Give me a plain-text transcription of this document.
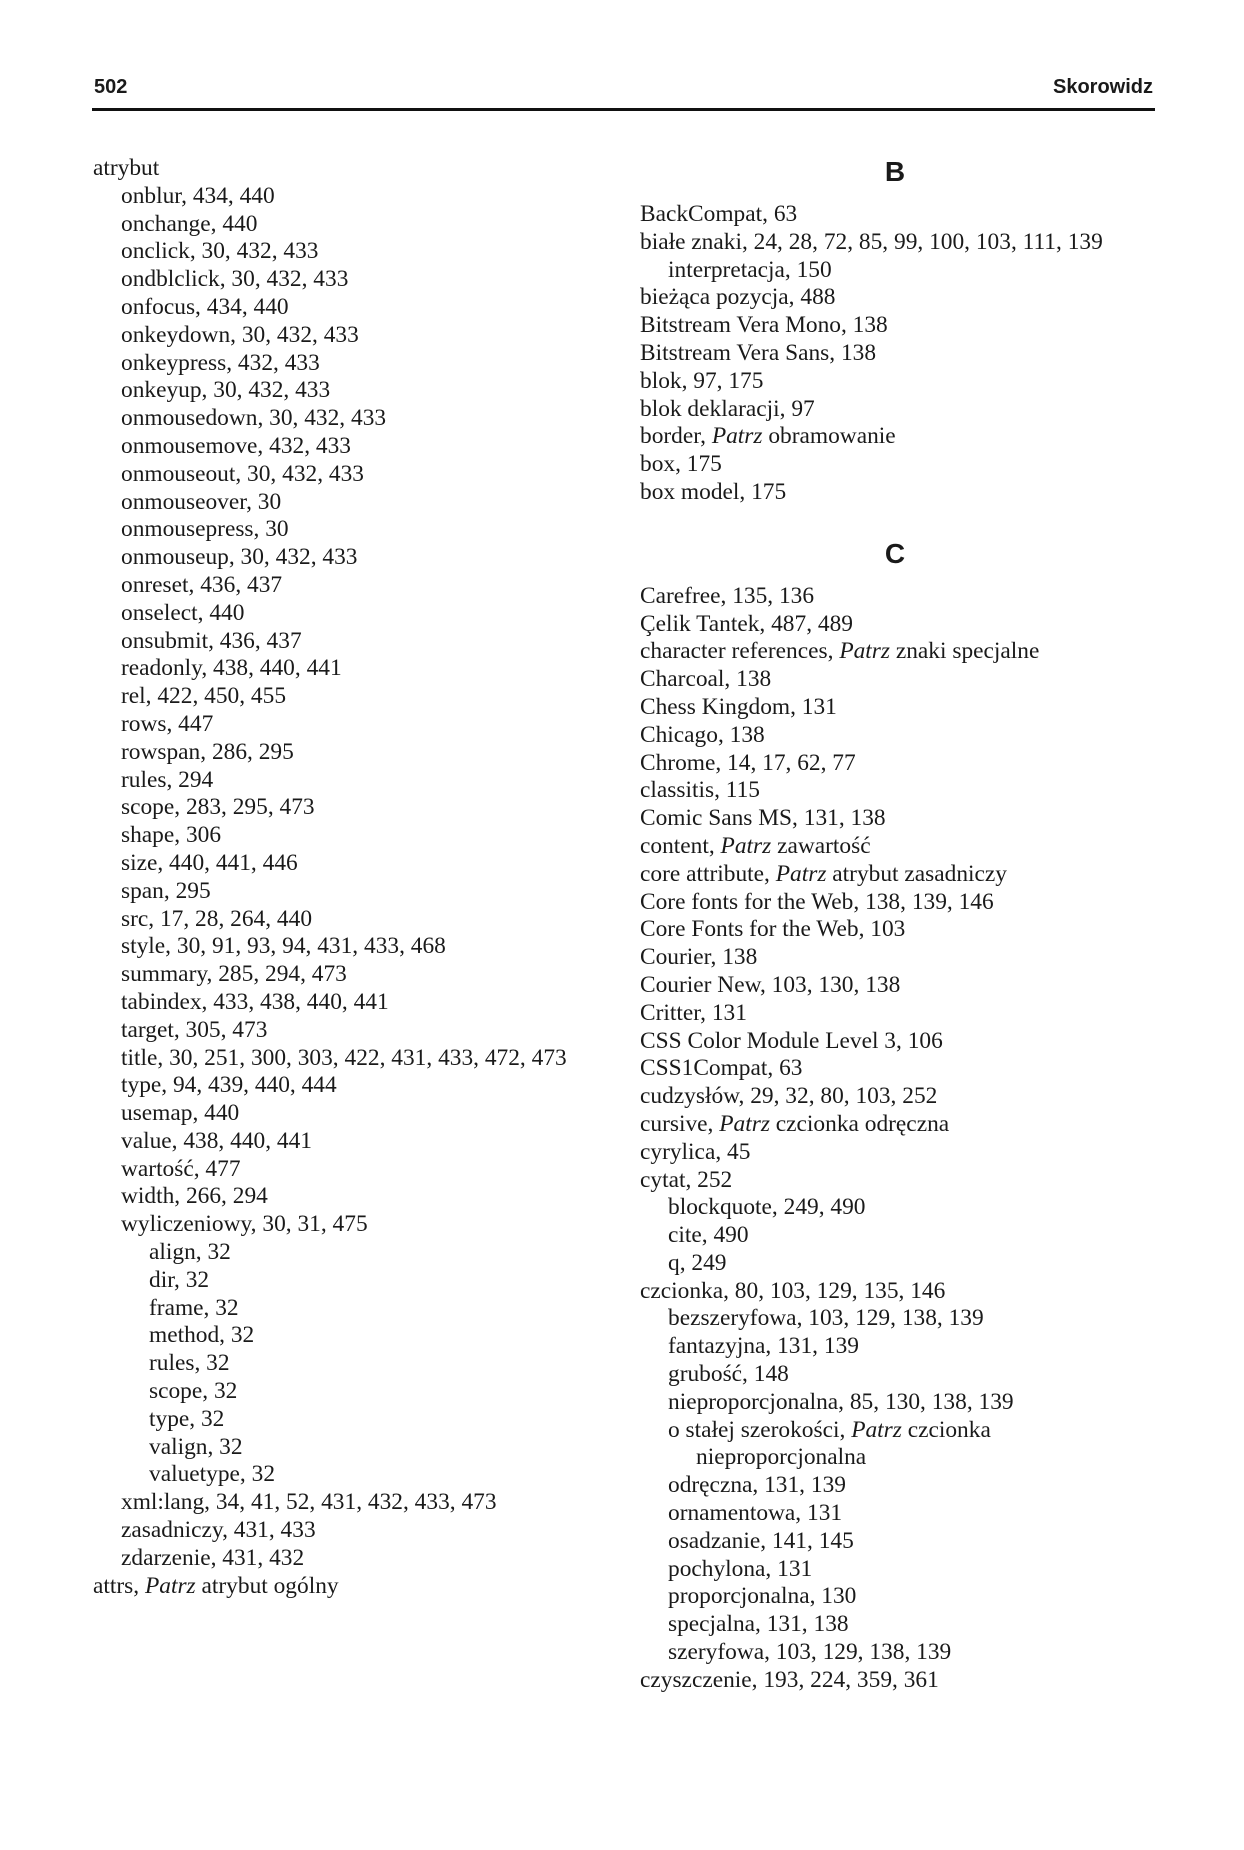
502	Skorowidz
atrybut
onblur, 434, 440
onchange, 440
onclick, 30, 432, 433
ondblclick, 30, 432, 433
onfocus, 434, 440
onkeydown, 30, 432, 433
onkeypress, 432, 433
onkeyup, 30, 432, 433
onmousedown, 30, 432, 433
onmousemove, 432, 433
onmouseout, 30, 432, 433
onmouseover, 30
onmousepress, 30
onmouseup, 30, 432, 433
onreset, 436, 437
onselect, 440
onsubmit, 436, 437
readonly, 438, 440, 441
rel, 422, 450, 455
rows, 447
rowspan, 286, 295
rules, 294
scope, 283, 295, 473
shape, 306
size, 440, 441, 446
span, 295
src, 17, 28, 264, 440
style, 30, 91, 93, 94, 431, 433, 468
summary, 285, 294, 473
tabindex, 433, 438, 440, 441
target, 305, 473
title, 30, 251, 300, 303, 422, 431, 433, 472, 473
type, 94, 439, 440, 444
usemap, 440
value, 438, 440, 441
wartość, 477
width, 266, 294
wyliczeniowy, 30, 31, 475
align, 32
dir, 32
frame, 32
method, 32
rules, 32
scope, 32
type, 32
valign, 32
valuetype, 32
xml:lang, 34, 41, 52, 431, 432, 433, 473
zasadniczy, 431, 433
zdarzenie, 431, 432
attrs, Patrz atrybut ogólny
B
BackCompat, 63
białe znaki, 24, 28, 72, 85, 99, 100, 103, 111, 139
interpretacja, 150
bieżąca pozycja, 488
Bitstream Vera Mono, 138
Bitstream Vera Sans, 138
blok, 97, 175
blok deklaracji, 97
border, Patrz obramowanie
box, 175
box model, 175
C
Carefree, 135, 136
Çelik Tantek, 487, 489
character references, Patrz znaki specjalne
Charcoal, 138
Chess Kingdom, 131
Chicago, 138
Chrome, 14, 17, 62, 77
classitis, 115
Comic Sans MS, 131, 138
content, Patrz zawartość
core attribute, Patrz atrybut zasadniczy
Core fonts for the Web, 138, 139, 146
Core Fonts for the Web, 103
Courier, 138
Courier New, 103, 130, 138
Critter, 131
CSS Color Module Level 3, 106
CSS1Compat, 63
cudzysłów, 29, 32, 80, 103, 252
cursive, Patrz czcionka odręczna
cyrylica, 45
cytat, 252
blockquote, 249, 490
cite, 490
q, 249
czcionka, 80, 103, 129, 135, 146
bezszeryfowa, 103, 129, 138, 139
fantazyjna, 131, 139
grubość, 148
nieproporcjonalna, 85, 130, 138, 139
o stałej szerokości, Patrz czcionka
nieproporcjonalna
odręczna, 131, 139
ornamentowa, 131
osadzanie, 141, 145
pochylona, 131
proporcjonalna, 130
specjalna, 131, 138
szeryfowa, 103, 129, 138, 139
czyszczenie, 193, 224, 359, 361
